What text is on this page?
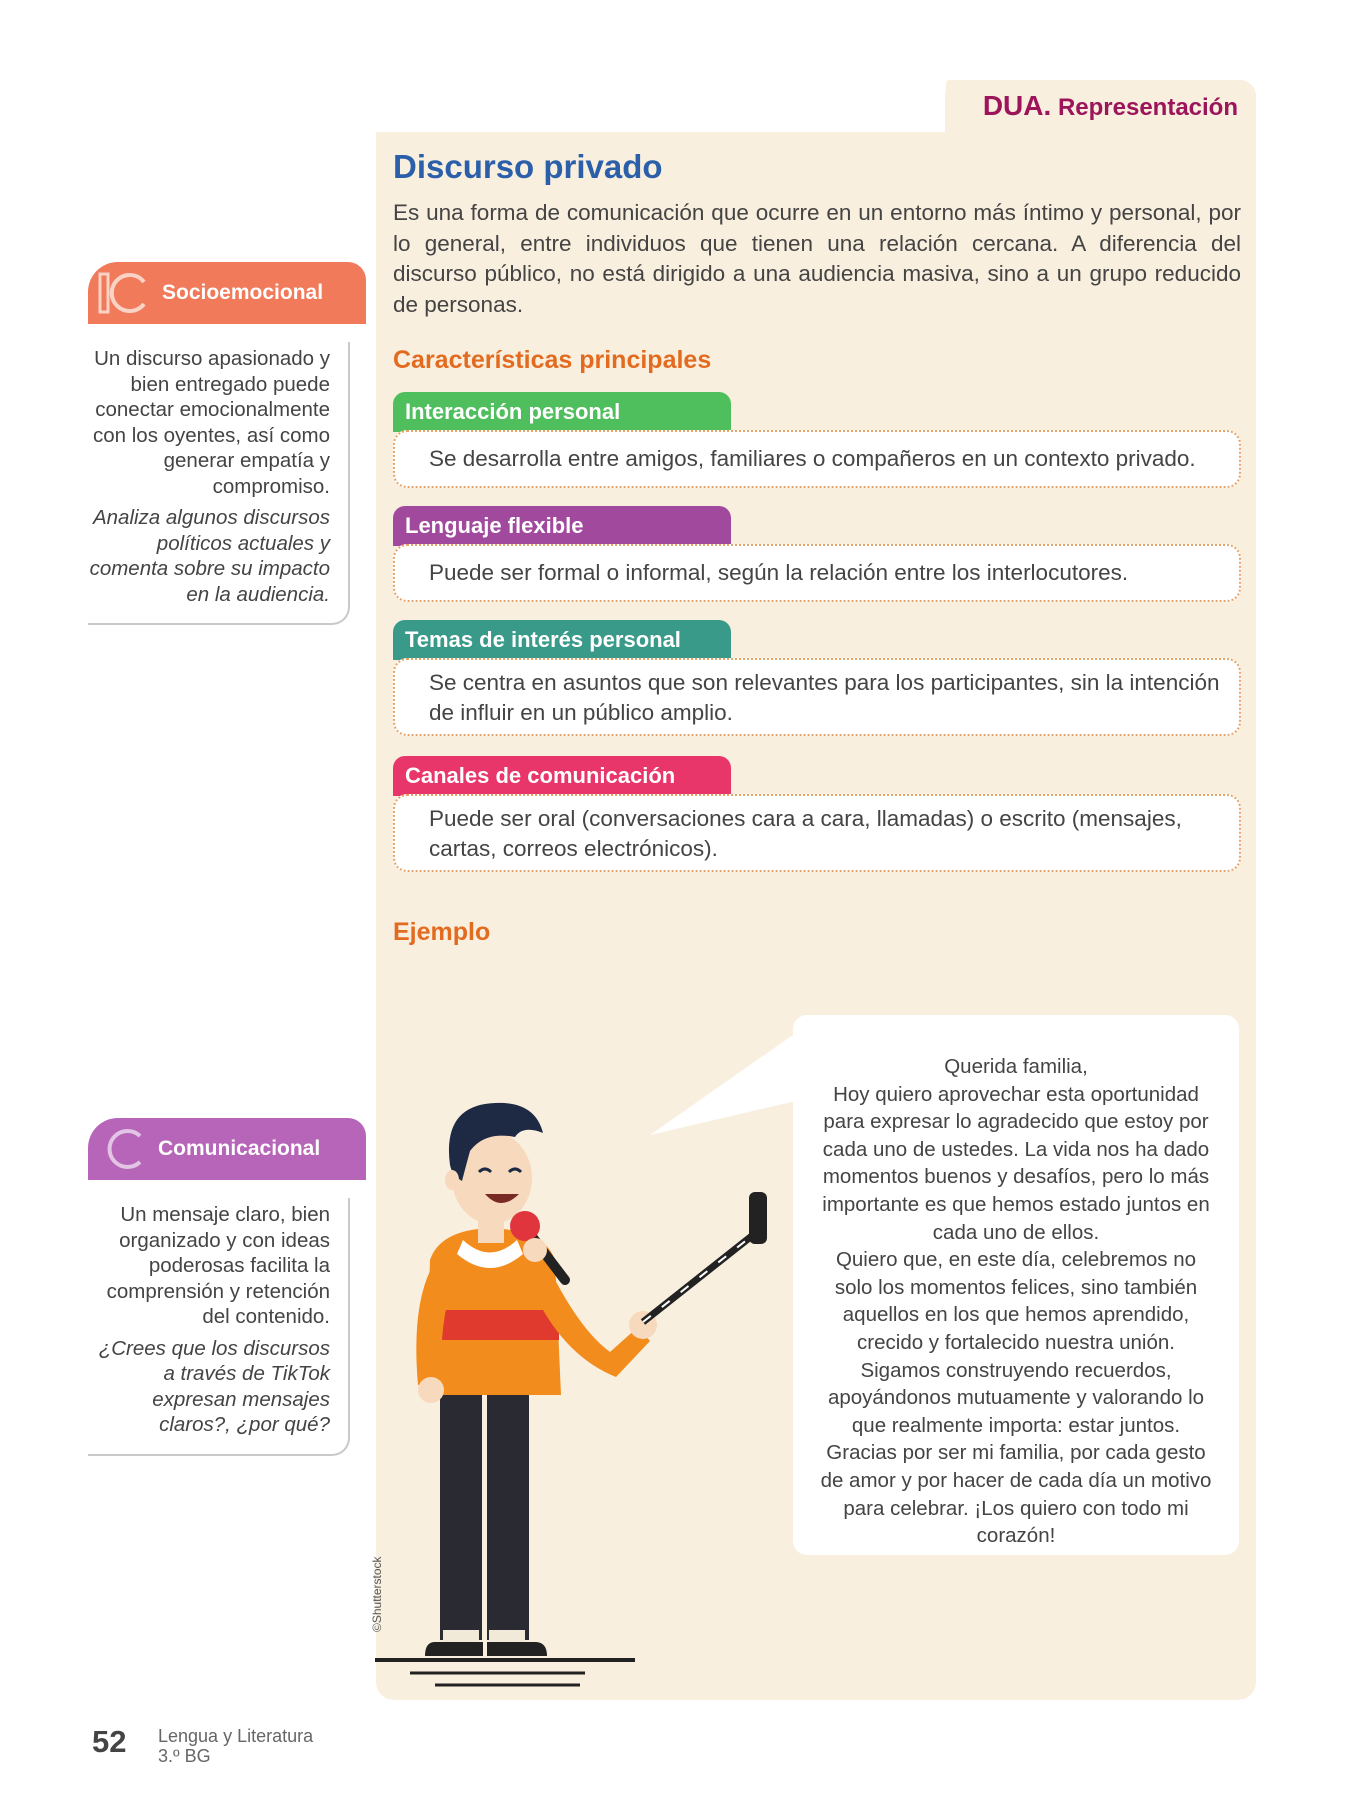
DUA. Representación
Discurso privado

Es una forma de comunicación que ocurre en un entorno más íntimo y personal, por lo general, entre individuos que tienen una relación cercana. A diferencia del discurso público, no está dirigido a una audiencia masiva, sino a un grupo reducido de personas.

Características principales
Interacción personal
Se desarrolla entre amigos, familiares o compañeros en un contexto privado.
Lenguaje flexible
Puede ser formal o informal, según la relación entre los interlocutores.
Temas de interés personal
Se centra en asuntos que son relevantes para los participantes, sin la intención de influir en un público amplio.
Canales de comunicación
Puede ser oral (conversaciones cara a cara, llamadas) o escrito (mensajes, cartas, correos electrónicos).
Ejemplo

Querida familia,

Hoy quiero aprovechar esta oportunidad para expresar lo agradecido que estoy por cada uno de ustedes. La vida nos ha dado momentos buenos y desafíos, pero lo más importante es que hemos estado juntos en cada uno de ellos.

Quiero que, en este día, celebremos no solo los momentos felices, sino también aquellos en los que hemos aprendido, crecido y fortalecido nuestra unión. Sigamos construyendo recuerdos, apoyándonos mutuamente y valorando lo que realmente importa: estar juntos.

Gracias por ser mi familia, por cada gesto de amor y por hacer de cada día un motivo para celebrar. ¡Los quiero con todo mi corazón!

©Shutterstock
Socioemocional

Un discurso apasionado y bien entregado puede conectar emocionalmente con los oyentes, así como generar empatía y compromiso.

Analiza algunos discursos políticos actuales y comenta sobre su impacto en la audiencia.

Comunicacional

Un mensaje claro, bien organizado y con ideas poderosas facilita la comprensión y retención del contenido.

¿Crees que los discursos a través de TikTok expresan mensajes claros?, ¿por qué?

52 Lengua y Literatura
3.º BG
